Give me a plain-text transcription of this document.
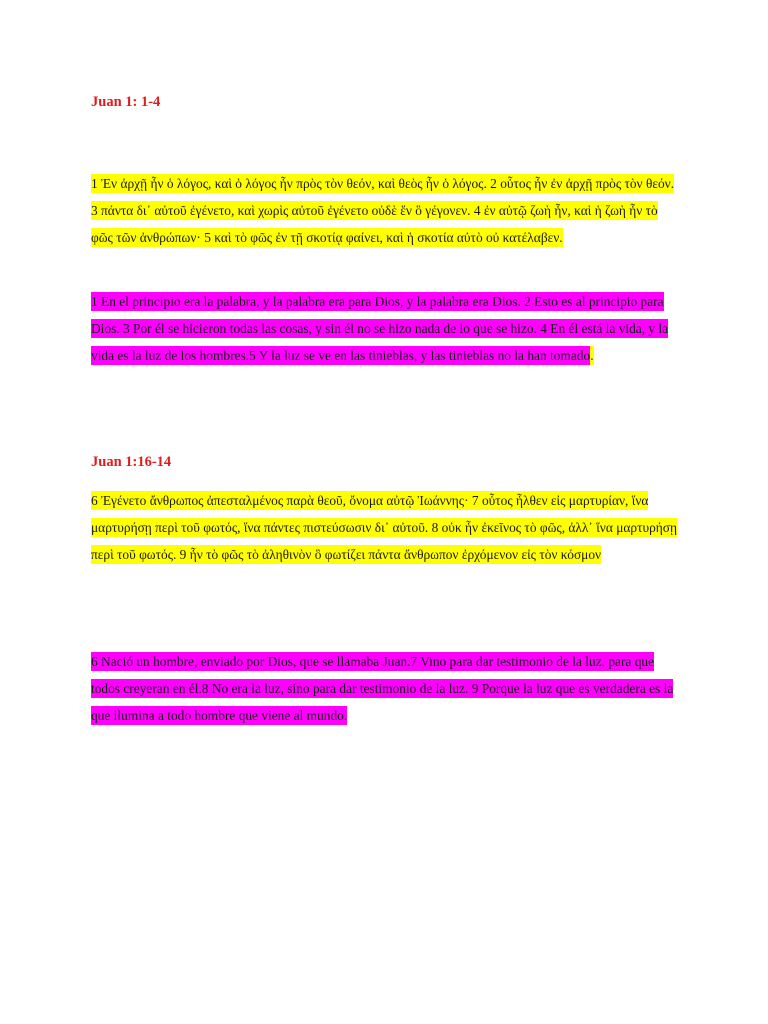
Juan 1: 1-4

1 Ἐν ἀρχῇ ἦν ὁ λόγος, καὶ ὁ λόγος ἦν πρὸς τὸν θεόν, καὶ θεὸς ἦν ὁ λόγος. 2 οὗτος ἦν ἐν ἀρχῇ πρὸς τὸν θεόν. 3 πάντα δι᾽ αὐτοῦ ἐγένετο, καὶ χωρὶς αὐτοῦ ἐγένετο οὐδὲ ἕν ὃ γέγονεν. 4 ἐν αὐτῷ ζωὴ ἦν, καὶ ἡ ζωὴ ἦν τὸ φῶς τῶν ἀνθρώπων· 5 καὶ τὸ φῶς ἐν τῇ σκοτίᾳ φαίνει, καὶ ἡ σκοτία αὐτὸ οὐ κατέλαβεν.

1 En el principio era la palabra, y la palabra era para Dios, y la palabra era Dios. 2 Esto es al principio para Dios. 3 Por él se hicieron todas las cosas, y sin él no se hizo nada de lo que se hizo. 4 En él está la vida, y la vida es la luz de los hombres.5 Y la luz se ve en las tinieblas, y las tinieblas no la han tomado.

Juan 1:16-14

6 Ἐγένετο ἄνθρωπος ἀπεσταλμένος παρὰ θεοῦ, ὄνομα αὐτῷ Ἰωάννης· 7 οὗτος ἦλθεν εἰς μαρτυρίαν, ἵνα μαρτυρήσῃ περὶ τοῦ φωτός, ἵνα πάντες πιστεύσωσιν δι᾽ αὐτοῦ. 8 οὐκ ἦν ἐκεῖνος τὸ φῶς, ἀλλ᾽ ἵνα μαρτυρήσῃ περὶ τοῦ φωτός. 9 ἦν τὸ φῶς τὸ ἀληθινὸν ὃ φωτίζει πάντα ἄνθρωπον ἐρχόμενον εἰς τὸν κόσμον

6 Nació un hombre, enviado por Dios, que se llamaba Juan.7 Vino para dar testimonio de la luz, para que todos creyeran en él.8 No era la luz, sino para dar testimonio de la luz. 9 Porque la luz que es verdadera es la que ilumina a todo hombre que viene al mundo.
